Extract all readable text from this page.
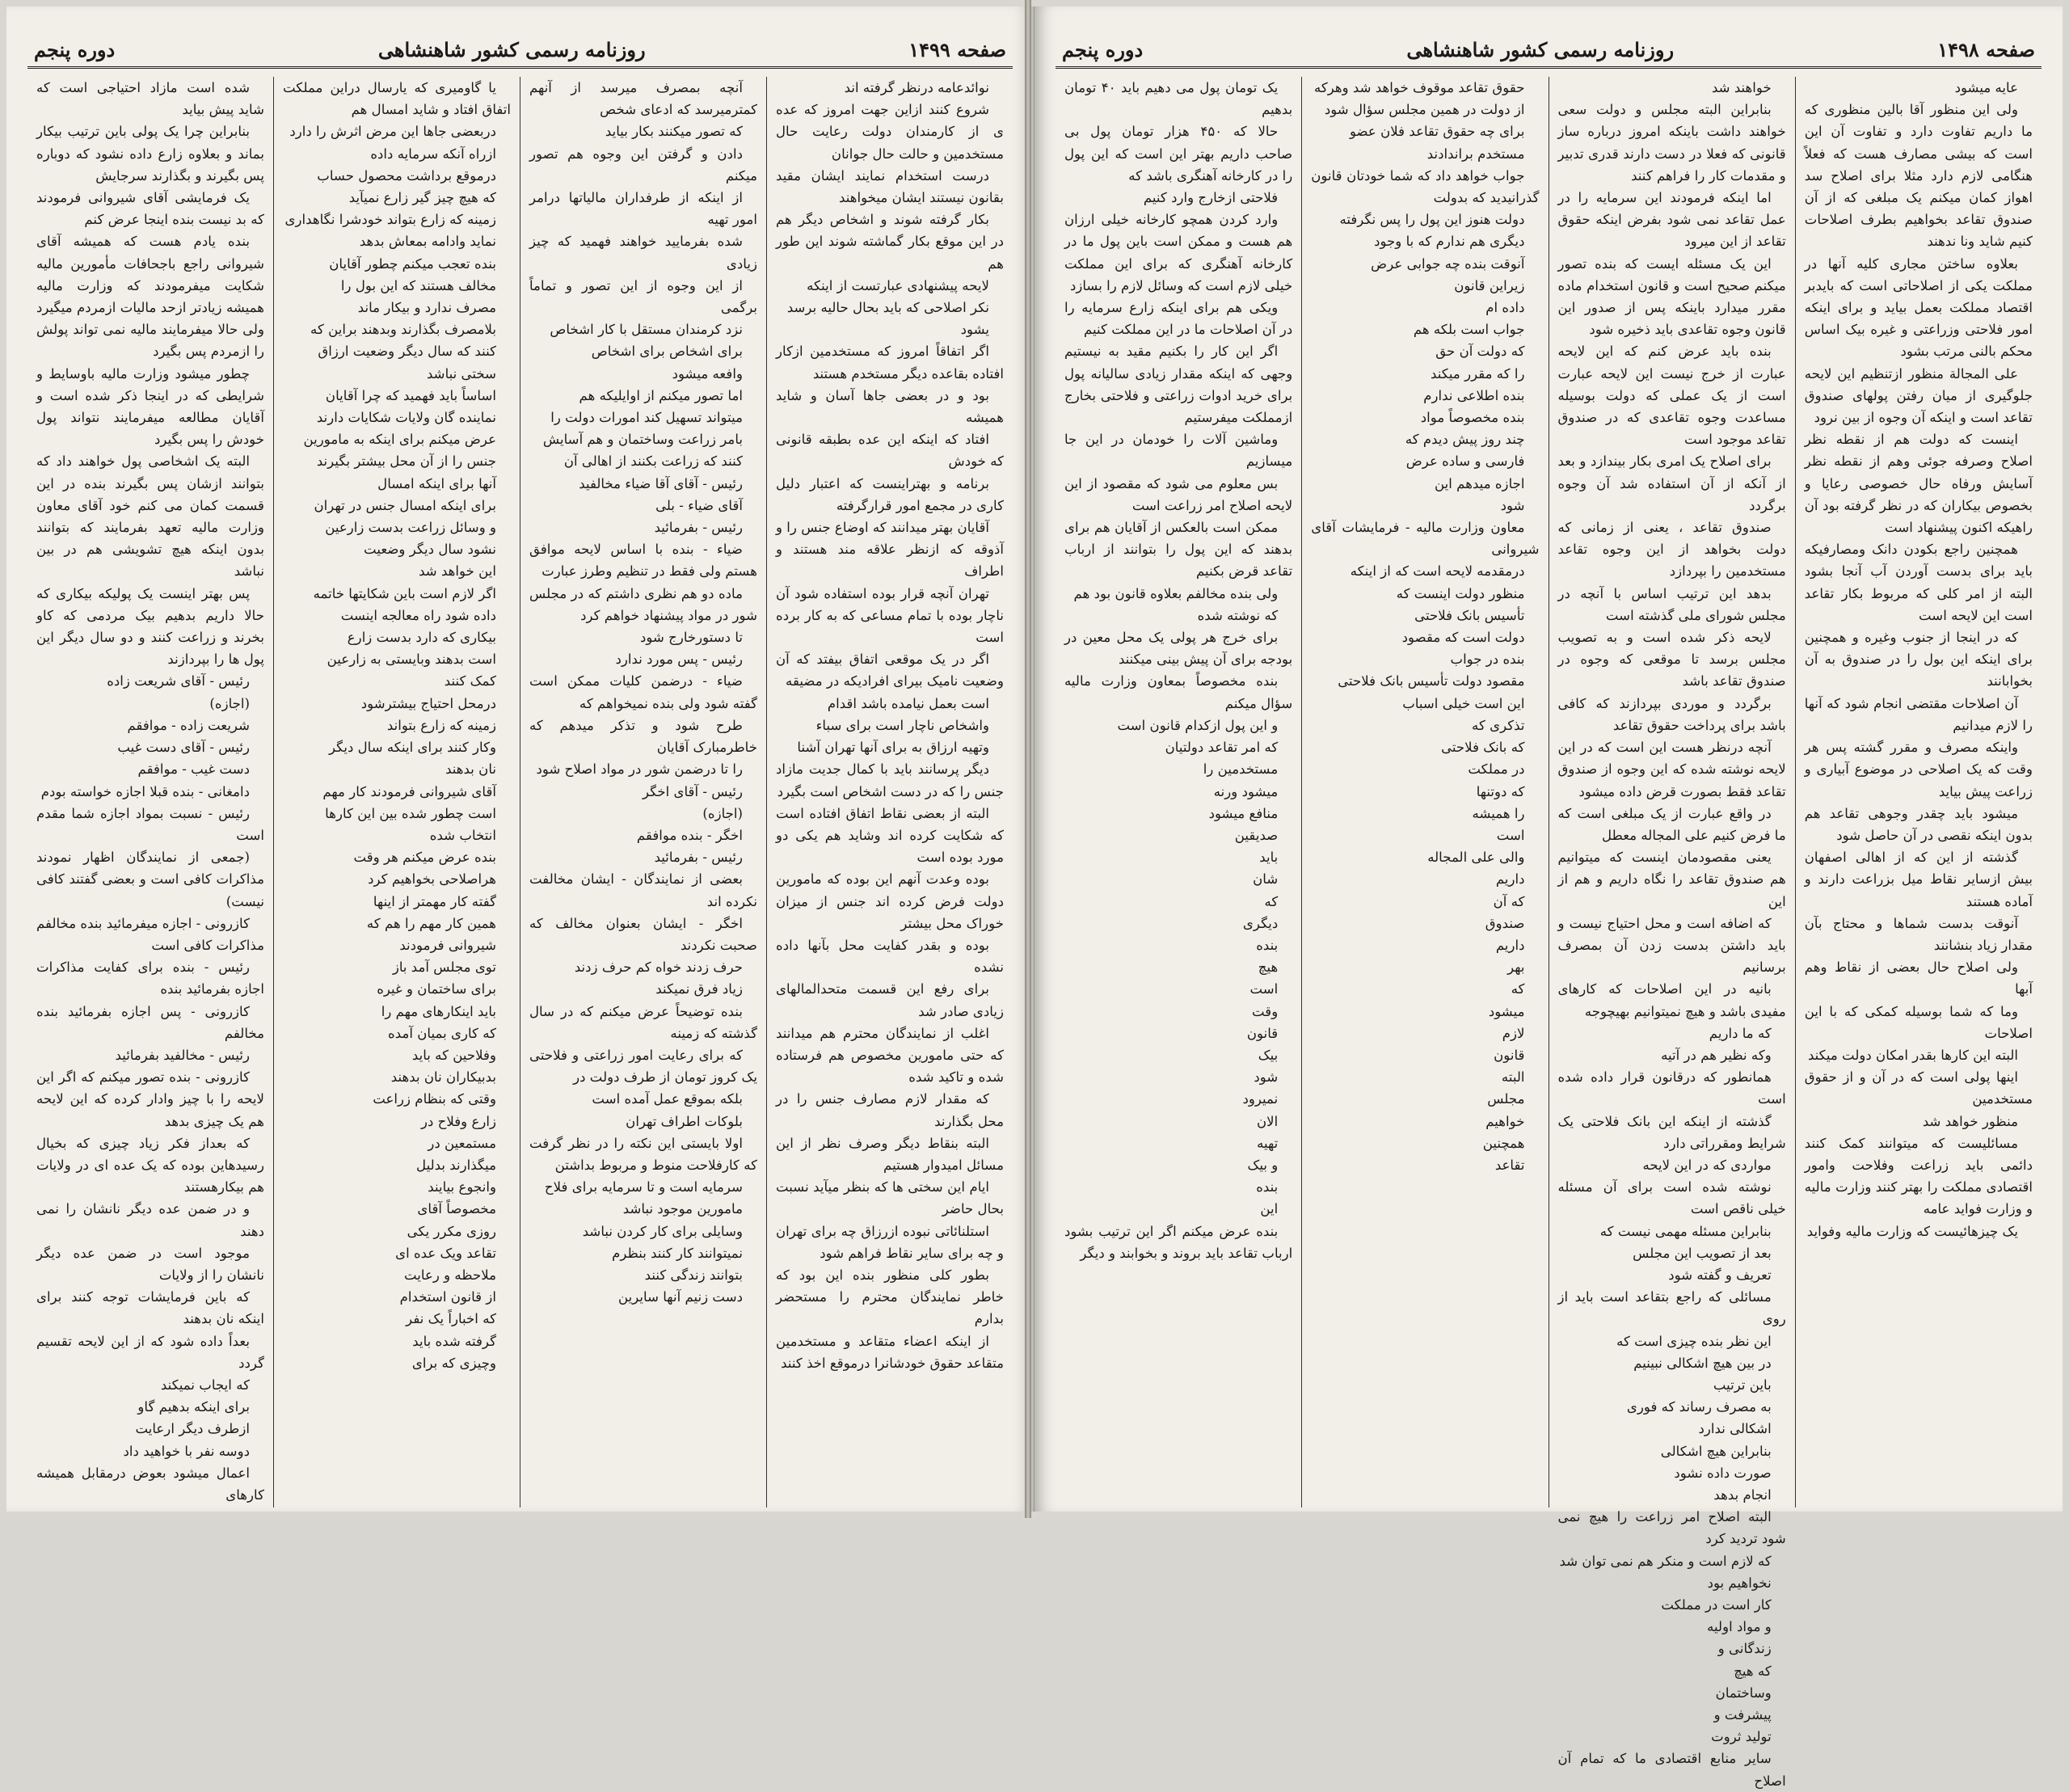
صفحه ۱۴۹۹
روزنامه رسمی کشور شاهنشاهی
دوره پنجم

نوائدعامه درنظر گرفته اند

شروع کنند ازاین جهت امروز که عده ی از کارمندان دولت رعایت حال مستخدمین و حالت حال جوانان

درست استخدام نمایند ایشان مقید بقانون نیستند ایشان میخواهند

بکار گرفته شوند و اشخاص دیگر هم در این موقع بکار گماشته شوند این طور هم

لایحه پیشنهادی عبارتست از اینکه

نکر اصلاحی که باید بحال حالیه برسد

یشود

اگر اتفاقاً امروز که مستخدمین ازکار افتاده بقاعده دیگر مستخدم هستند

بود و در بعضی جاها آسان و شاید همیشه

افتاد که اینکه این عده بطبقه قانونی که خودش

برنامه و بهتراینست که اعتبار دلیل کاری در مجمع امور قرارگرفته

آقایان بهتر میدانند که اوضاع جنس را و آذوقه که ازنظر علاقه مند هستند و اطراف

تهران آنچه قرار بوده استفاده شود آن ناچار بوده با تمام مساعی که به کار برده است

اگر در یک موقعی اتفاق بیفتد که آن وضعیت نامیک بیرای افرادیکه در مضیقه

است بعمل نیامده باشد اقدام

واشخاص ناچار است برای سباء

وتهیه ارزاق به برای آنها تهران آشنا

دیگر پرسانند باید با کمال جدیت مازاد جنس را که در دست اشخاص است بگیرد

البته از بعضی نقاط اتفاق افتاده است که شکایت کرده اند وشاید هم یکی دو مورد بوده است

بوده وعدت آنهم این بوده که مامورین دولت فرض کرده اند جنس از میزان خوراک محل بیشتر

بوده و بقدر کفایت محل بآنها داده نشده

برای رفع این قسمت متحدالمالهای زیادی صادر شد

اغلب از نمایندگان محترم هم میدانند که حتی مامورین مخصوص هم فرستاده شده و تاکید شده

که مقدار لازم مصارف جنس را در محل بگذارند

البته بنقاط دیگر وصرف نظر از این مسائل امیدوار هستیم

ایام این سختی ها که بنظر میآید نسبت بحال حاضر

استلنائاتی نبوده ازرزاق چه برای تهران و چه برای سایر نقاط فراهم شود

بطور کلی منظور بنده این بود که خاطر نمایندگان محترم را مستحضر بدارم

از اینکه اعضاء متقاعد و مستخدمین متقاعد حقوق خودشانرا درموقع اخذ کنند

آنچه بمصرف میرسد از آنهم کمترمیرسد که ادعای شخص

که تصور میکنند بکار بیاید

دادن و گرفتن این وجوه هم تصور میکنم

از اینکه از طرفداران مالیاتها درامر امور تهیه

شده بفرمایید خواهند فهمید که چیز زیادی

از این وجوه از این تصور و تماماً برگمی

نزد کرمندان مستقل با کار اشخاص

برای اشخاص برای اشخاص

وافعه میشود

اما تصور میکنم از اوایلیکه هم

میتواند تسهیل کند امورات دولت را

بامر زراعت وساختمان و هم آسایش

کنند که زراعت بکنند از اهالی آن

رئیس - آقای آقا ضیاء مخالفید

آقای ضیاء - بلی

رئیس - بفرمائید

ضیاء - بنده با اساس لایحه موافق هستم ولی فقط در تنظیم وطرز عبارت

ماده دو هم نظری داشتم که در مجلس شور در مواد پیشنهاد خواهم کرد

تا دستورخارج شود

رئیس - پس مورد ندارد

ضیاء - درضمن کلیات ممکن است گفته شود ولی بنده نمیخواهم که

طرح شود و تذکر میدهم که خاطرمبارک آقایان

را تا درضمن شور در مواد اصلاح شود

رئیس - آقای اخگر

(اجازه)

اخگر - بنده موافقم

رئیس - بفرمائید

بعضی از نمایندگان - ایشان مخالفت نکرده اند

اخگر - ایشان بعنوان مخالف که صحبت نکردند

حرف زدند خواه کم حرف زدند

زیاد فرق نمیکند

بنده توضیحاً عرض میکنم که در سال گذشته که زمینه

که برای رعایت امور زراعتی و فلاحتی یک کروز تومان از طرف دولت در

بلکه بموقع عمل آمده است

بلوکات اطراف تهران

اولا بایستی این نکته را در نظر گرفت که کارفلاحت منوط و مربوط بداشتن

سرمایه است و تا سرمایه برای فلاح

مامورین موجود نباشد

وسایلی برای کار کردن نباشد

نمیتوانند کار کنند بنظرم

بتوانند زندگی کنند

دست زنیم آنها سایرین

یا گاومیری که یارسال دراین مملکت اتفاق افتاد و شاید امسال هم

دربعضی جاها این مرض اثرش را دارد

ازراه آنکه سرمایه داده

درموقع برداشت محصول حساب

که هیچ چیز گیر زارع نمیآید

زمینه که زارع بتواند خودشرا نگاهداری

نماید وادامه بمعاش بدهد

بنده تعجب میکنم چطور آقایان

مخالف هستند که این بول را

مصرف ندارد و بیکار ماند

بلامصرف بگذارند وبدهند براین که

کنند که سال دیگر وضعیت ارزاق

سختی نباشد

اساساً باید فهمید که چرا آقایان

نماینده گان ولایات شکایات دارند

عرض میکنم برای اینکه به مامورین

جنس را از آن محل بیشتر بگیرند

آنها برای اینکه امسال

برای اینکه امسال جنس در تهران

و وسائل زراعت بدست زارعین

نشود سال دیگر وضعیت

این خواهد شد

اگر لازم است باین شکایتها خاتمه

داده شود راه معالجه اینست

بیکاری که دارد بدست زارع

است بدهند وبایستی به زارعین

کمک کنند

درمحل احتیاج بیشترشود

زمینه که زارع بتواند

وکار کنند برای اینکه سال دیگر

نان بدهند

آقای شیروانی فرمودند کار مهم

است چطور شده بین این کارها

انتخاب شده

بنده عرض میکنم هر وقت

هراصلاحی بخواهیم کرد

گفته کار مهمتر از اینها

همین کار مهم را هم که

شیروانی فرمودند

توی مجلس آمد باز

برای ساختمان و غیره

باید اینکارهای مهم را

که کاری بمیان آمده

وفلاحین که باید

بدبیکاران نان بدهند

وقتی که بنظام زراعت

زارع وفلاح در

مستمعین در

میگذارند بدلیل

وانجوع بیایند

مخصوصاً آقای

روزی مکرر یکی

تقاعد ویک عده ای

ملاحظه و رعایت

از قانون استخدام

که اخباراً یک نفر

گرفته شده باید

وچیزی که برای

شده است مازاد احتیاجی است که شاید پیش بیاید

بنابراین چرا یک پولی باین ترتیب بیکار بماند و بعلاوه زارع داده نشود که دوباره پس بگیرند و بگذارند سرجایش

یک فرمایشی آقای شیروانی فرمودند که بد نیست بنده اینجا عرض کنم

بنده یادم هست که همیشه آقای شیروانی راجع باجحافات مأمورین مالیه شکایت میفرمودند که وزارت مالیه همیشه زیادتر ازحد مالیات ازمردم میگیرد ولی حالا میفرمایند مالیه نمی تواند پولش را ازمردم پس بگیرد

چطور میشود وزارت مالیه باوسایط و شرایطی که در اینجا ذکر شده است و آقایان مطالعه میفرمایند نتواند پول خودش را پس بگیرد

البته یک اشخاصی پول خواهند داد که بتوانند ازشان پس بگیرند بنده در این قسمت کمان می کنم خود آقای معاون وزارت مالیه تعهد بفرمایند که بتوانند بدون اینکه هیچ تشویشی هم در بین نباشد

پس بهتر اینست یک پولیکه بیکاری که حالا داریم بدهیم بیک مردمی که کاو بخرند و زراعت کنند و دو سال دیگر این پول ها را بپردازند

رئیس - آقای شریعت زاده

(اجازه)

شریعت زاده - موافقم

رئیس - آقای دست غیب

دست غیب - موافقم

دامغانی - بنده قبلا اجازه خواسته بودم

رئیس - نسبت بمواد اجازه شما مقدم است

(جمعی از نمایندگان اظهار نمودند مذاکرات کافی است و بعضی گفتند کافی نیست)

کازرونی - اجازه میفرمائید بنده مخالفم مذاکرات کافی است

رئیس - بنده برای کفایت مذاکرات اجازه بفرمائید بنده

کازرونی - پس اجازه بفرمائید بنده مخالفم

رئیس - مخالفید بفرمائید

کازرونی - بنده تصور میکنم که اگر این لایحه را با چیز وادار کرده که این لایحه هم یک چیزی بدهد

که بعداز فکر زیاد چیزی که بخیال رسیدهاین بوده که یک عده ای در ولایات هم بیکارهستند

و در ضمن عده دیگر نانشان را نمی دهند

موجود است در ضمن عده دیگر نانشان را از ولایات

که باین فرمایشات توجه کنند برای اینکه نان بدهند

بعداً داده شود که از این لایحه تقسیم گردد

که ایجاب نمیکند

برای اینکه بدهیم گاو

ازطرف دیگر ارعایت

دوسه نفر با خواهید داد

اعمال میشود بعوض درمقابل همیشه کارهای

صفحه ۱۴۹۸
روزنامه رسمی کشور شاهنشاهی
دوره پنجم

عایه میشود

ولی این منظور آقا بالین منظوری که ما داریم تفاوت دارد و تفاوت آن این است که بیشی مصارف هست که فعلاً هنگامی لازم دارد مثلا برای اصلاح سد اهواز کمان میکنم یک مبلغی که از آن صندوق تقاعد بخواهیم بطرف اصلاحات کنیم شاید ونا ندهند

بعلاوه ساختن مجاری کلیه آنها در مملکت یکی از اصلاحاتی است که بایدبر اقتصاد مملکت بعمل بیاید و برای اینکه امور فلاحتی وزراعتی و غیره بیک اساس محکم بالنی مرتب بشود

علی المجالة منظور ازتنظیم این لایحه جلوگیری از میان رفتن پولهای صندوق تقاعد است و اینکه آن وجوه از بین نرود

اینست که دولت هم از نقطه نظر اصلاح وصرفه جوئی وهم از نقطه نظر آسایش ورفاه حال خصوصی رعایا و بخصوص بیکاران که در نظر گرفته بود آن راهیکه اکنون پیشنهاد است

همچنین راجع بکودن دانک ومصارفیکه باید برای بدست آوردن آب آنجا بشود البته از امر کلی که مربوط بکار تقاعد است این لایحه است

که در اینجا از جنوب وغیره و همچنین برای اینکه این بول را در صندوق به آن بخوابانند

آن اصلاحات مقتضی انجام شود که آنها را لازم میدانیم

واینکه مصرف و مقرر گشته پس هر وقت که یک اصلاحی در موضوع آبیاری و زراعت پیش بیاید

میشود باید چقدر وجوهی تقاعد هم بدون اینکه نقصی در آن حاصل شود

گذشته از این که از اهالی اصفهان بیش ازسایر نقاط میل بزراعت دارند و آماده هستند

آنوقت بدست شماها و محتاج بآن مقدار زیاد بنشانند

ولی اصلاح حال بعضی از نقاط وهم آبها

وما که شما بوسیله کمکی که با این اصلاحات

البته این کارها بقدر امکان دولت میکند

اینها پولی است که در آن و از حقوق مستخدمین

منظور خواهد شد

مسائلیست که میتوانند کمک کنند دائمی باید زراعت وفلاحت وامور اقتصادی مملکت را بهتر کنند وزارت مالیه و وزارت فواید عامه

یک چیزهائیست که وزارت مالیه وفواید

خواهند شد

بنابراین البته مجلس و دولت سعی خواهند داشت باینکه امروز درباره ساز قانونی که فعلا در دست دارند قدری تدبیر و مقدمات کار را فراهم کنند

اما اینکه فرمودند این سرمایه را در عمل تقاعد نمی شود بفرض اینکه حقوق تقاعد از این میرود

این یک مسئله ایست که بنده تصور میکنم صحیح است و قانون استخدام ماده مقرر میدارد باینکه پس از صدور این قانون وجوه تقاعدی باید ذخیره شود

بنده باید عرض کنم که این لایحه عبارت از خرج نیست این لایحه عبارت است از یک عملی که دولت بوسیله مساعدت وجوه تقاعدی که در صندوق تقاعد موجود است

برای اصلاح یک امری بکار بیندازد و بعد از آنکه از آن استفاده شد آن وجوه برگردد

صندوق تقاعد ، یعنی از زمانی که دولت بخواهد از این وجوه تقاعد مستخدمین را بپردازد

بدهد این ترتیب اساس با آنچه در مجلس شورای ملی گذشته است

لایحه ذکر شده است و به تصویب مجلس برسد تا موقعی که وجوه در صندوق تقاعد باشد

برگردد و موردی بپردازند که کافی باشد برای پرداخت حقوق تقاعد

آنچه درنظر هست این است که در این لایحه نوشته شده که این وجوه از صندوق تقاعد فقط بصورت قرض داده میشود

در واقع عبارت از یک مبلغی است که ما فرض کنیم علی المجاله معطل

یعنی مقصودمان اینست که میتوانیم هم صندوق تقاعد را نگاه داریم و هم از این

که اضافه است و محل احتیاج نیست و باید داشتن بدست زدن آن بمصرف برسانیم

بانیه در این اصلاحات که کارهای مفیدی باشد و هیچ نمیتوانیم بهیچوجه

که ما داریم

وکه نظیر هم در آتیه

همانطور که درقانون قرار داده شده است

گذشته از اینکه این بانک فلاحتی یک شرایط ومقرراتی دارد

مواردی که در این لایحه

نوشته شده است برای آن مسئله خیلی ناقص است

بنابراین مسئله مهمی نیست که

بعد از تصویب این مجلس

تعریف و گفته شود

مسائلی که راجع بتقاعد است باید از روی

این نظر بنده چیزی است که

در بین هیچ اشکالی نبینیم

باین ترتیب

به مصرف رساند که فوری

اشکالی ندارد

بنابراین هیچ اشکالی

صورت داده نشود

انجام بدهد

البته اصلاح امر زراعت را هیچ نمی شود تردید کرد

که لازم است و منکر هم نمی توان شد

نخواهیم بود

کار است در مملکت

و مواد اولیه

زندگانی و

که هیچ

وساختمان

پیشرفت و

تولید ثروت

سایر منابع اقتصادی ما که تمام آن اصلاح

حقوق تقاعد موقوف خواهد شد وهرکه

از دولت در همین مجلس سؤال شود

برای چه حقوق تقاعد فلان عضو

مستخدم براندادند

جواب خواهد داد که شما خودتان قانون گذرانیدید که بدولت

دولت هنوز این پول را پس نگرفته

دیگری هم ندارم که با وجود

آنوقت بنده چه جوابی عرض

زیراین قانون

داده ام

جواب است بلکه هم

که دولت آن حق

را که مقرر میکند

بنده اطلاعی ندارم

بنده مخصوصاً مواد

چند روز پیش دیدم که

فارسی و ساده عرض

اجازه میدهم این

شود

معاون وزارت مالیه - فرمایشات آقای شیروانی

درمقدمه لایحه است که از اینکه

منظور دولت اینست که

تأسیس بانک فلاحتی

دولت است که مقصود

بنده در جواب

مقصود دولت تأسیس بانک فلاحتی

این است خیلی اسباب

تذکری که

که بانک فلاحتی

در مملکت

که دوتنها

را همیشه

است

والی علی المجاله

داریم

که آن

صندوق

داریم

بهر

که

میشود

لازم

قانون

البته

مجلس

خواهیم

همچنین

تقاعد

یک تومان پول می دهیم باید ۴۰ تومان بدهیم

حالا که ۴۵۰ هزار تومان پول بی صاحب داریم بهتر این است که این پول را در کارخانه آهنگری باشد که

فلاحتی ازخارج وارد کنیم

وارد کردن همچو کارخانه خیلی ارزان هم هست و ممکن است باین پول ما در کارخانه آهنگری که برای این مملکت خیلی لازم است که وسائل لازم را بسازد

ویکی هم برای اینکه زارع سرمایه را در آن اصلاحات ما در این مملکت کنیم

اگر این کار را بکنیم مقید به نیستیم وجهی که اینکه مقدار زیادی سالیانه پول برای خرید ادوات زراعتی و فلاحتی بخارج ازمملکت میفرستیم

وماشین آلات را خودمان در این جا میسازیم

بس معلوم می شود که مقصود از این لایحه اصلاح امر زراعت است

ممکن است بالعکس از آقایان هم برای بدهند که این پول را بتوانند از ارباب تقاعد قرض بکنیم

ولی بنده مخالفم بعلاوه قانون بود هم

که نوشته شده

برای خرج هر پولی یک محل معین در بودجه برای آن پیش بینی میکنند

بنده مخصوصاً بمعاون وزارت مالیه سؤال میکنم

و این پول ازکدام قانون است

که امر تقاعد دولتیان

مستخدمین را

میشود ورنه

منافع میشود

صدیقین

باید

شان

که

دیگری

بنده

هیچ

است

وقت

قانون

بیک

شود

نمیرود

الان

تهیه

و بیک

بنده

این

بنده عرض میکنم اگر این ترتیب بشود ارباب تقاعد باید بروند و بخوابند و دیگر
